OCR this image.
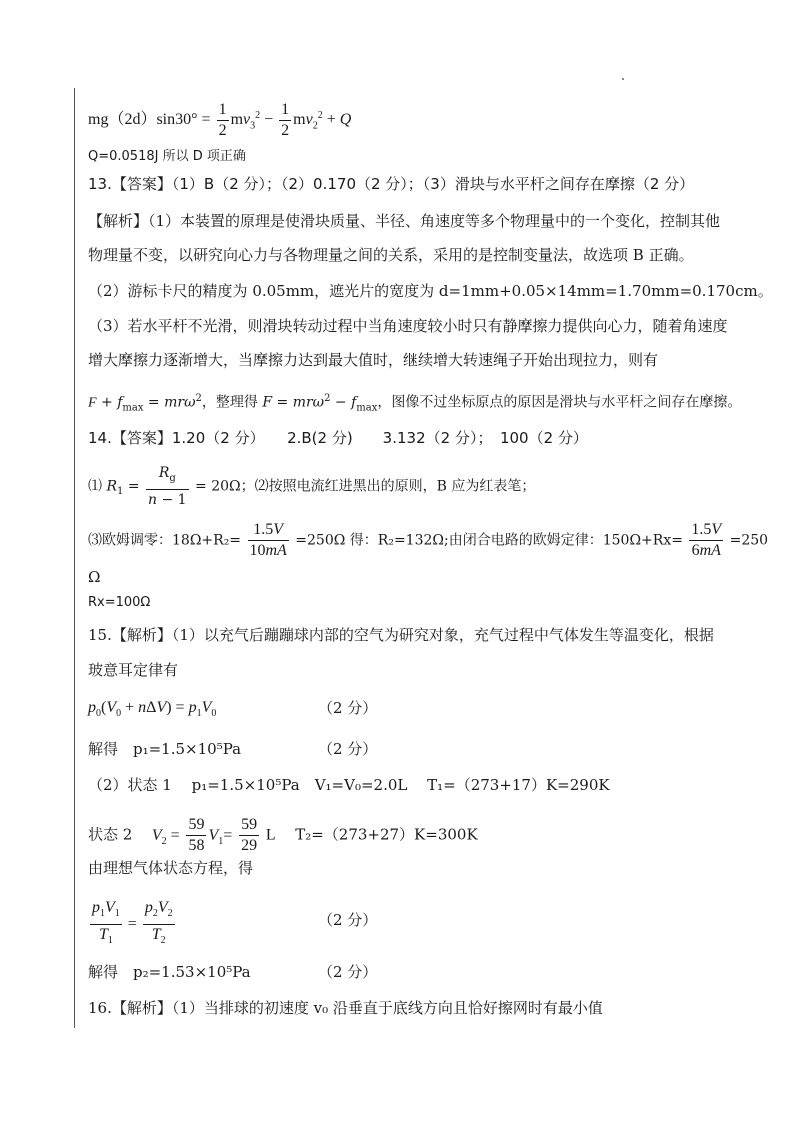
$mg(2d)\sin 30^\circ = \frac{1}{2} mv_3^2 - \frac{1}{2} mv_2^2 + Q$
Q=0.0518J 所以 D 项正确
13.【答案】（1）B（2 分）；（2）0.170（2 分）；（3）滑块与水平杆之间存在摩擦（2 分）
【解析】（1）本装置的原理是使滑块质量、半径、角速度等多个物理量中的一个变化，控制其他
物理量不变，以研究向心力与各物理量之间的关系，采用的是控制变量法，故选项 B 正确。
（2）游标卡尺的精度为 0.05mm，遮光片的宽度为 d=1mm+0.05×14mm=1.70mm=0.170cm。
（3）若水平杆不光滑，则滑块转动过程中当角速度较小时只有静摩擦力提供向心力，随着角速度
增大摩擦力逐渐增大，当摩擦力达到最大值时，继续增大转速绳子开始出现拉力，则有
$F + f_{max} = mr\omega^2$，整理得 $F = mr\omega^2 - f_{max}$，图像不过坐标原点的原因是滑块与水平杆之间存在摩擦。
14.【答案】1.20（2 分）　　2.B(2 分)　　3.132（2 分）；　100（2 分）
⑴ $R_1 = \frac{R_g}{n - 1} = 20\Omega$；⑵按照电流红进黑出的原则，B 应为红表笔；
⑶欧姆调零：$18\Omega+R_2= \frac{1.5V}{10mA} =250\Omega$ 得：R₂=132Ω;由闭合电路的欧姆定律：$150\Omega+Rx= \frac{1.5V}{6mA} =250$
Ω
Rx=100Ω
15.【解析】（1）以充气后蹦蹦球内部的空气为研究对象，充气过程中气体发生等温变化，根据
玻意耳定律有
$p_0(V_0 + n\Delta V) = p_1V_0$	（2 分）
解得　p₁=1.5×10⁵Pa	（2 分）
（2）状态 1　 p₁=1.5×10⁵Pa　V₁=V₀=2.0L　 T₁=（273+17）K=290K
状态 2 $V_2 = \frac{59}{58} V_1= \frac{59}{29}$ L T₂=（273+27）K=300K
由理想气体状态方程，得
$\frac{p_1V_1}{T_1} = \frac{p_2V_2}{T_2}$	（2 分）
解得　p₂=1.53×10⁵Pa	（2 分）
16.【解析】（1）当排球的初速度 v₀ 沿垂直于底线方向且恰好擦网时有最小值
